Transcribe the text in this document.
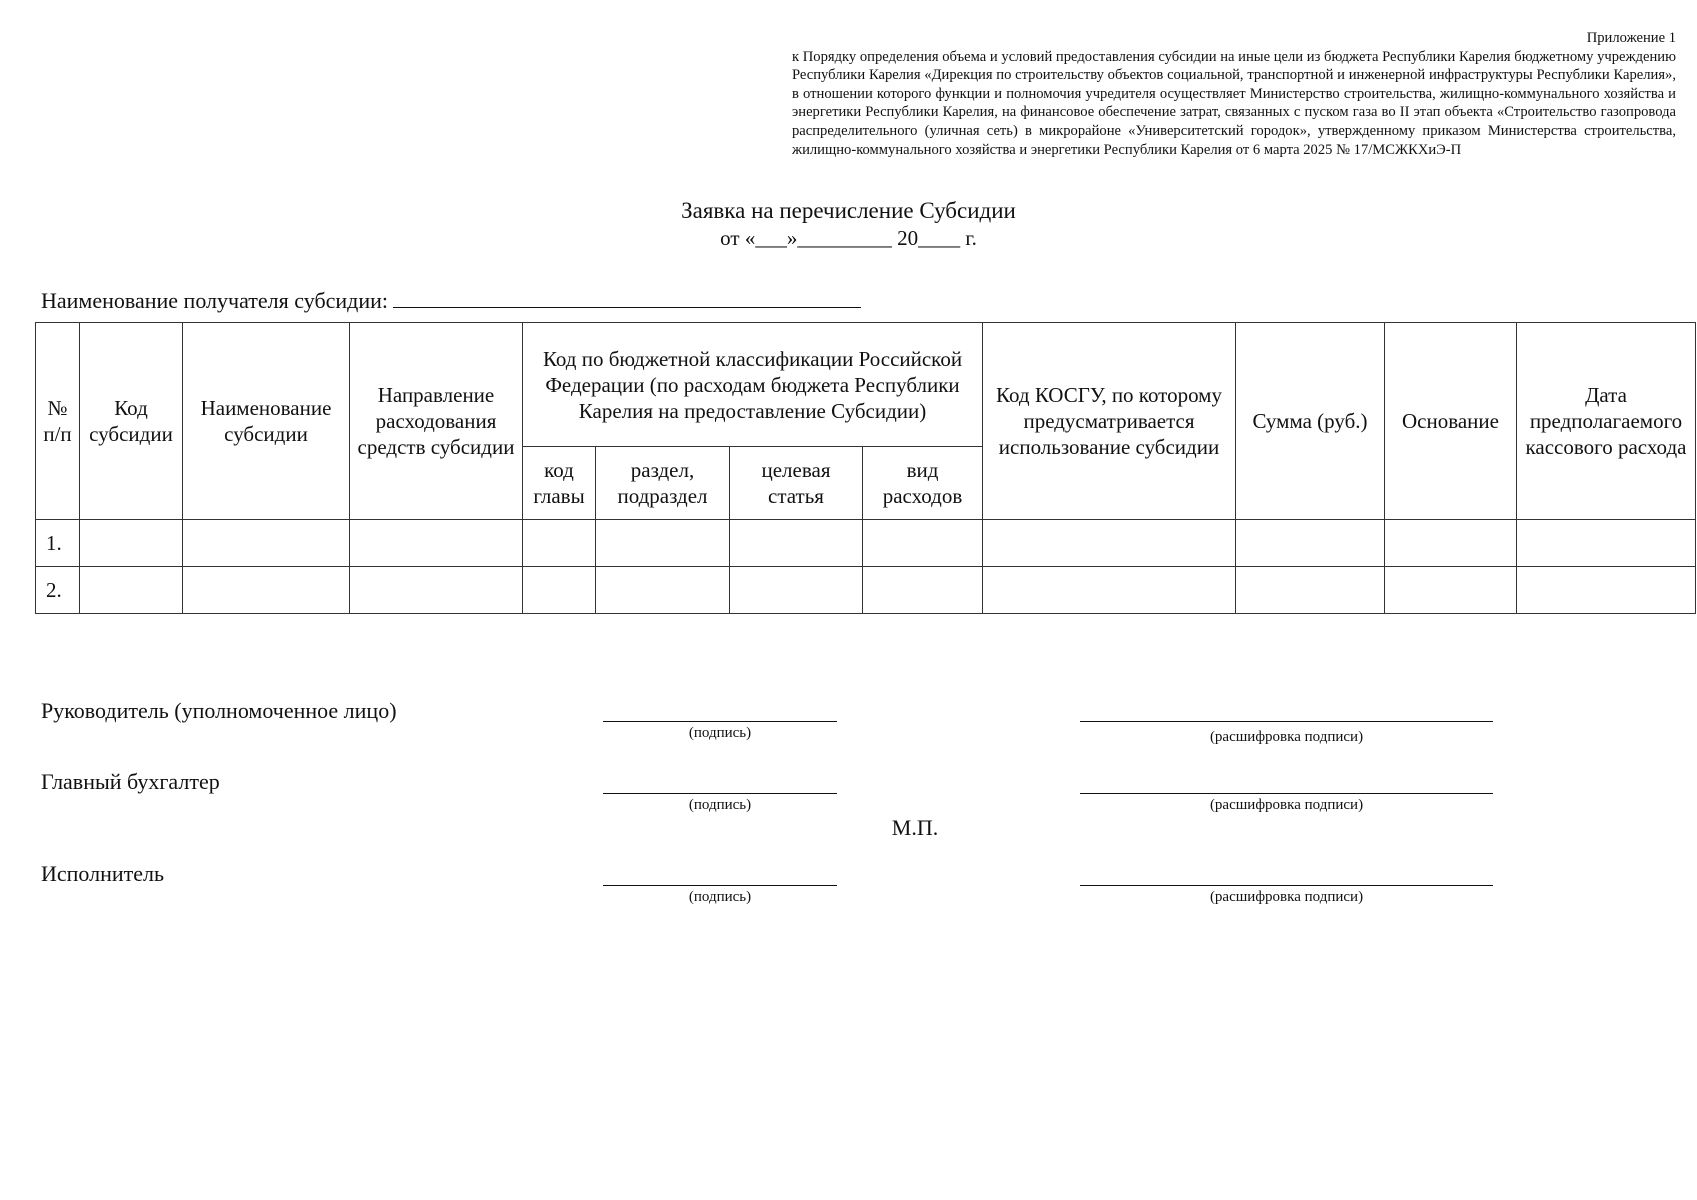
Приложение 1
к Порядку определения объема и условий предоставления субсидии на иные цели из бюджета Республики Карелия бюджетному учреждению Республики Карелия «Дирекция по строительству объектов социальной, транспортной и инженерной инфраструктуры Республики Карелия», в отношении которого функции и полномочия учредителя осуществляет Министерство строительства, жилищно-коммунального хозяйства и энергетики Республики Карелия, на финансовое обеспечение затрат, связанных с пуском газа во II этап объекта «Строительство газопровода распределительного (уличная сеть) в микрорайоне «Университетский городок», утвержденному приказом Министерства строительства, жилищно-коммунального хозяйства и энергетики Республики Карелия от 6 марта 2025 № 17/МСЖКХиЭ-П
Заявка на перечисление Субсидии
от «___»_________ 20____ г.
Наименование получателя субсидии:
№ п/п	Код субсидии	Наименование субсидии	Направление расходования средств субсидии	Код по бюджетной классификации Российской Федерации (по расходам бюджета Республики Карелия на предоставление Субсидии)				Код КОСГУ, по которому предусматривается использование субсидии	Сумма (руб.)	Основание	Дата предполагаемого кассового расхода
				код главы	раздел, подраздел	целевая статья	вид расходов				
1.											
2.											
Руководитель (уполномоченное лицо)
(подпись)	(расшифровка подписи)
Главный бухгалтер
(подпись)	(расшифровка подписи)
М.П.
Исполнитель
(подпись)	(расшифровка подписи)
